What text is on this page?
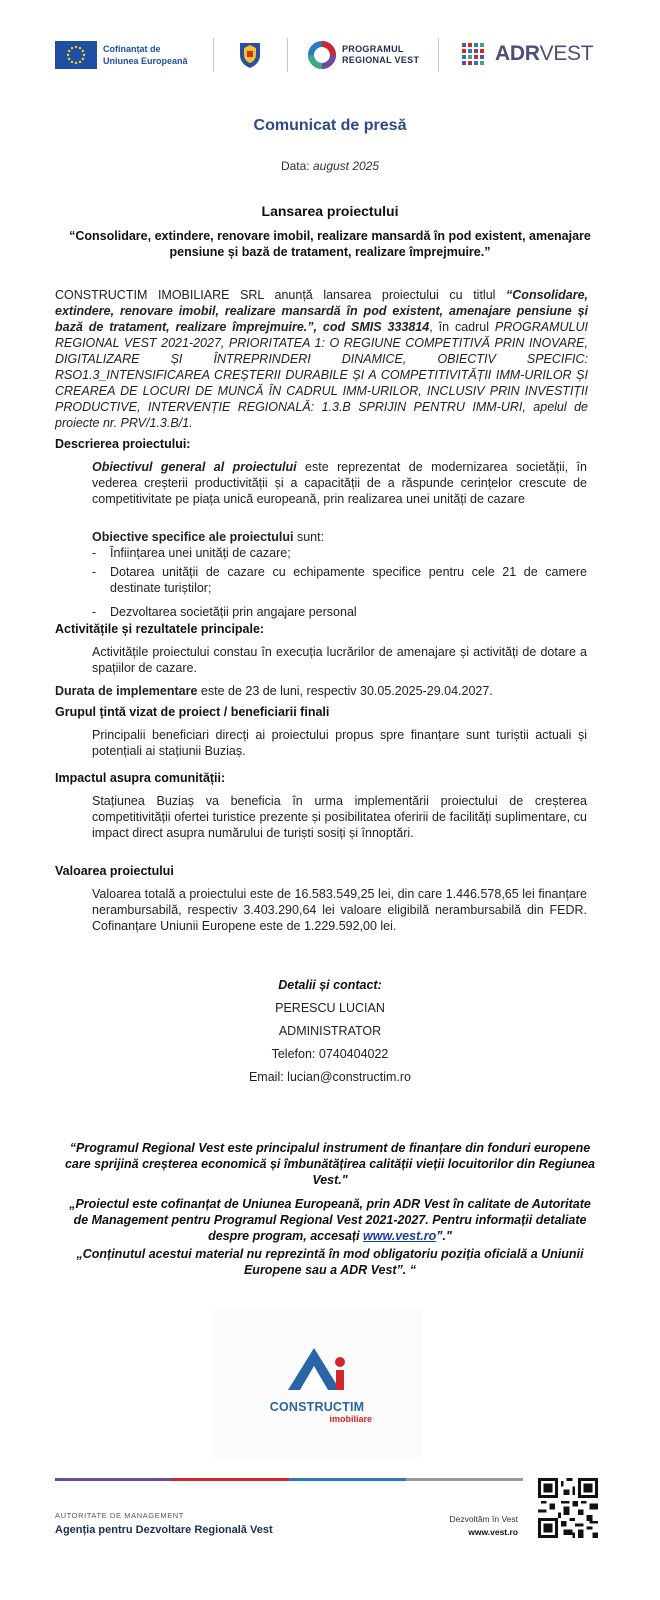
Cofinanțat de
Uniunea Europeană
PROGRAMUL
REGIONAL VEST	ADRVEST
Comunicat de presă
Data: august 2025
Lansarea proiectului
“Consolidare, extindere, renovare imobil, realizare mansardă în pod existent, amenajare pensiune și bază de tratament, realizare împrejmuire.”
CONSTRUCTIM IMOBILIARE SRL anunță lansarea proiectului cu titlul “Consolidare, extindere, renovare imobil, realizare mansardă în pod existent, amenajare pensiune și bază de tratament, realizare împrejmuire.”, cod SMIS 333814, în cadrul PROGRAMULUI REGIONAL VEST 2021-2027, PRIORITATEA 1: O REGIUNE COMPETITIVĂ PRIN INOVARE, DIGITALIZARE ȘI ÎNTREPRINDERI DINAMICE, OBIECTIV SPECIFIC: RSO1.3_INTENSIFICAREA CREȘTERII DURABILE ȘI A COMPETITIVITĂȚII IMM-URILOR ȘI CREAREA DE LOCURI DE MUNCĂ ÎN CADRUL IMM-URILOR, INCLUSIV PRIN INVESTIȚII PRODUCTIVE, INTERVENȚIE REGIONALĂ: 1.3.B SPRIJIN PENTRU IMM-URI, apelul de proiecte nr. PRV/1.3.B/1.
Descrierea proiectului:
Obiectivul general al proiectului este reprezentat de modernizarea societății, în vederea creșterii productivității și a capacității de a răspunde cerințelor crescute de competitivitate pe piața unică europeană, prin realizarea unei unități de cazare
Obiective specifice ale proiectului sunt:
- Înființarea unei unități de cazare;
- Dotarea unității de cazare cu echipamente specifice pentru cele 21 de camere destinate turiștilor;
- Dezvoltarea societății prin angajare personal
Activitățile și rezultatele principale:
Activitățile proiectului constau în execuția lucrărilor de amenajare și activități de dotare a spațiilor de cazare.
Durata de implementare este de 23 de luni, respectiv 30.05.2025-29.04.2027.
Grupul țintă vizat de proiect / beneficiarii finali
Principalii beneficiari direcți ai proiectului propus spre finanțare sunt turiștii actuali și potențiali ai stațiunii Buziaș.
Impactul asupra comunității:
Stațiunea Buziaș va beneficia în urma implementării proiectului de creșterea competitivității ofertei turistice prezente și posibilitatea oferirii de facilități suplimentare, cu impact direct asupra numărului de turiști sosiți și înnoptări.
Valoarea proiectului
Valoarea totală a proiectului este de 16.583.549,25 lei, din care 1.446.578,65 lei finanțare nerambursabilă, respectiv 3.403.290,64 lei valoare eligibilă nerambursabilă din FEDR. Cofinanțare Uniunii Europene este de 1.229.592,00 lei.
Detalii și contact:
PERESCU LUCIAN
ADMINISTRATOR
Telefon: 0740404022
Email: lucian@constructim.ro
“Programul Regional Vest este principalul instrument de finanțare din fonduri europene care sprijină creșterea economică și îmbunătățirea calității vieții locuitorilor din Regiunea Vest."
„Proiectul este cofinanțat de Uniunea Europeană, prin ADR Vest în calitate de Autoritate de Management pentru Programul Regional Vest 2021-2027. Pentru informații detaliate despre program, accesați www.vest.ro”."
„Conținutul acestui material nu reprezintă în mod obligatoriu poziția oficială a Uniunii Europene sau a ADR Vest”. “
CONSTRUCTIM
imobiliare
AUTORITATE DE MANAGEMENT
Agenția pentru Dezvoltare Regională Vest
Dezvoltăm în Vest
www.vest.ro
